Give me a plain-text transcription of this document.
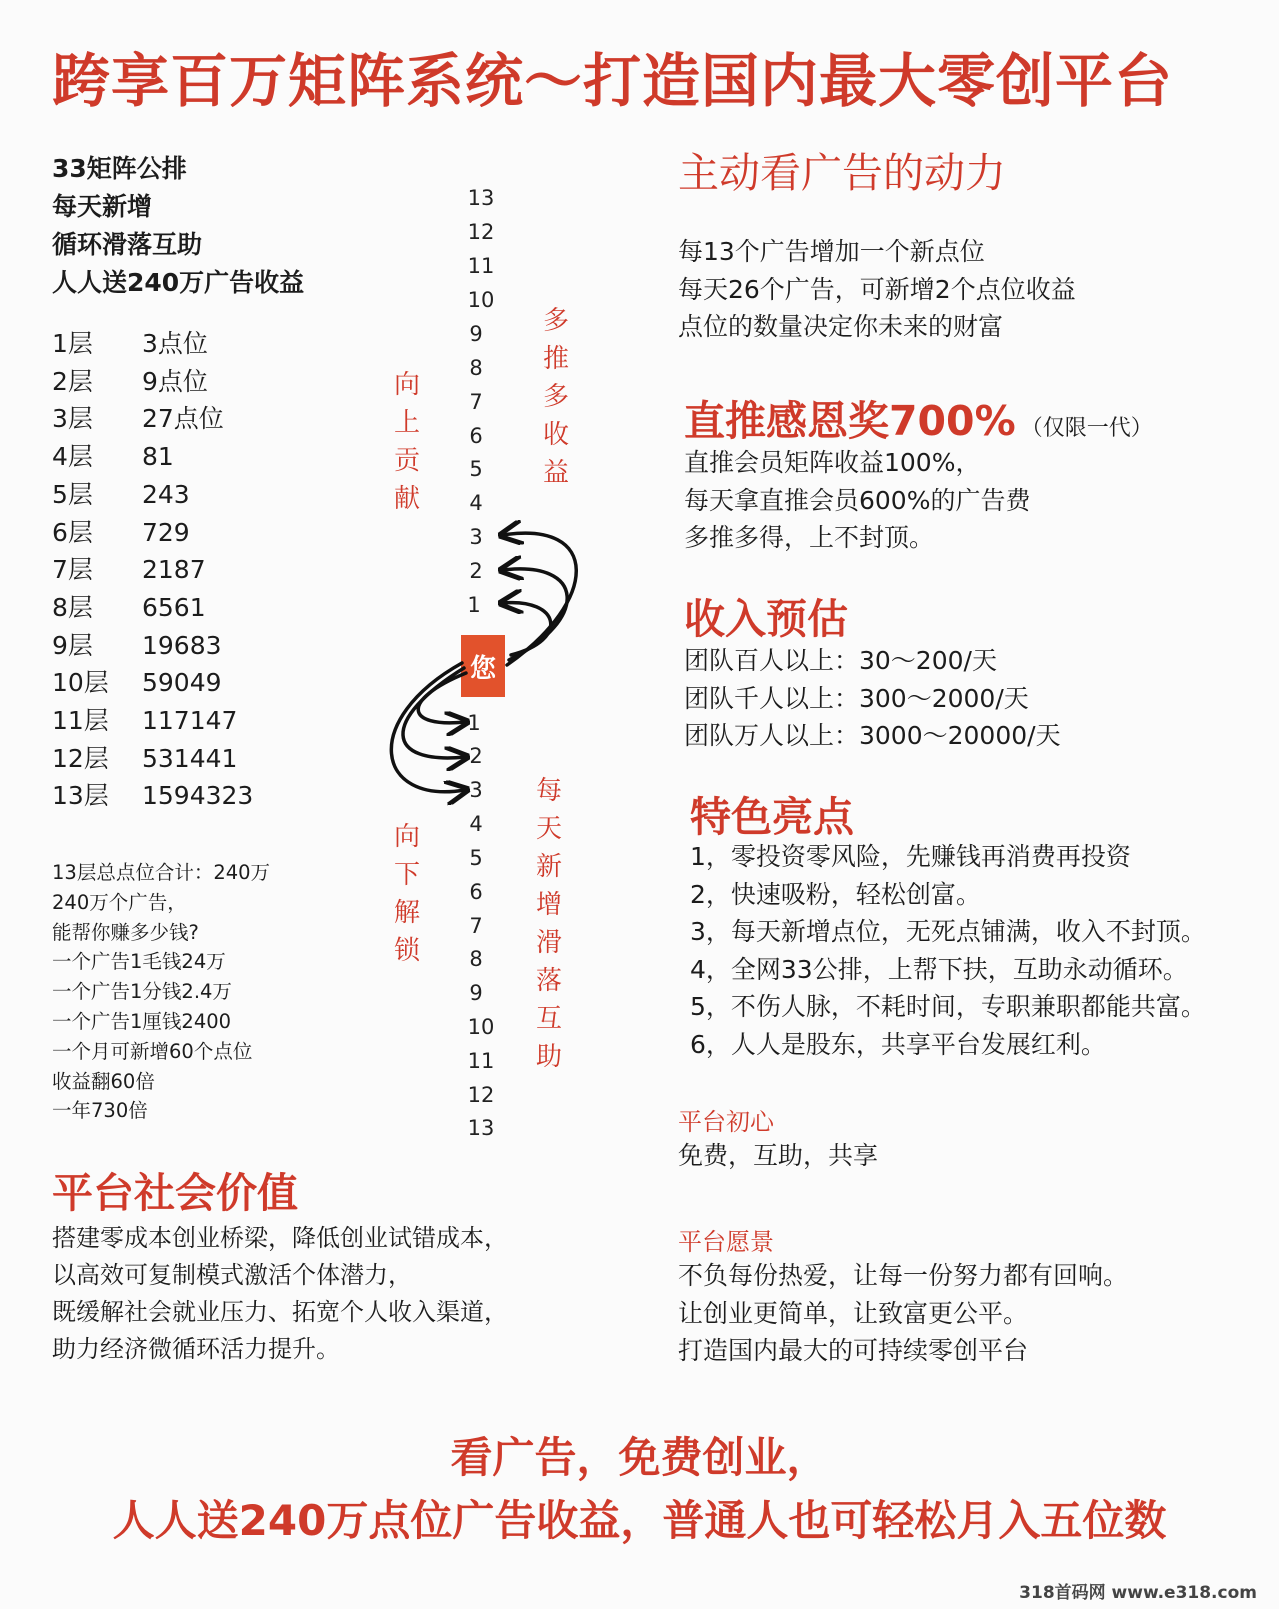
跨享百万矩阵系统～打造国内最大零创平台
33矩阵公排
每天新增
循环滑落互助
人人送240万广告收益
1层	3点位
2层	9点位
3层	27点位
4层	81
5层	243
6层	729
7层	2187
8层	6561
9层	19683
10层	59049
11层	117147
12层	531441
13层	1594323
13层总点位合计：240万
240万个广告，
能帮你赚多少钱?
一个广告1毛钱24万
一个广告1分钱2.4万
一个广告1厘钱2400
一个月可新增60个点位
收益翻60倍
一年730倍
平台社会价值
搭建零成本创业桥梁，降低创业试错成本，
以高效可复制模式激活个体潜力，
既缓解社会就业压力、拓宽个人收入渠道，
助力经济微循环活力提升。
13
12
11
10
9
8
7
6
5
4
3
2
1
您
1
2
3
4
5
6
7
8
9
10
11
12
13
向
上
贡
献
多
推
多
收
益
向
下
解
锁
每
天
新
增
滑
落
互
助
主动看广告的动力
每13个广告增加一个新点位
每天26个广告，可新增2个点位收益
点位的数量决定你未来的财富
直推感恩奖700% （仅限一代）
直推会员矩阵收益100%，
每天拿直推会员600%的广告费
多推多得，上不封顶。
收入预估
团队百人以上：30～200/天
团队千人以上：300～2000/天
团队万人以上：3000～20000/天
特色亮点
1，零投资零风险，先赚钱再消费再投资
2，快速吸粉，轻松创富。
3，每天新增点位，无死点铺满，收入不封顶。
4，全网33公排，上帮下扶，互助永动循环。
5，不伤人脉，不耗时间，专职兼职都能共富。
6，人人是股东，共享平台发展红利。
平台初心
免费，互助，共享
平台愿景
不负每份热爱，让每一份努力都有回响。
让创业更简单，让致富更公平。
打造国内最大的可持续零创平台
看广告，免费创业，
人人送240万点位广告收益，普通人也可轻松月入五位数
318首码网 www.e318.com
